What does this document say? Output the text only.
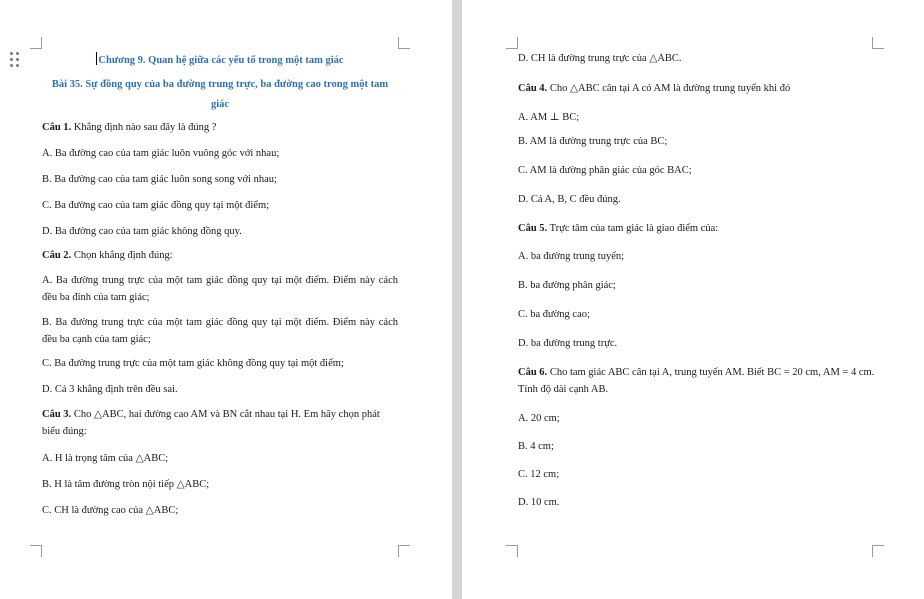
Chương 9. Quan hệ giữa các yếu tố trong một tam giác
Bài 35. Sự đồng quy của ba đường trung trực, ba đường cao trong một tam giác
Câu 1. Khẳng định nào sau đây là đúng ?
A. Ba đường cao của tam giác luôn vuông góc với nhau;
B. Ba đường cao của tam giác luôn song song với nhau;
C. Ba đường cao của tam giác đồng quy tại một điểm;
D. Ba đường cao của tam giác không đồng quy.
Câu 2. Chọn khẳng định đúng:
A. Ba đường trung trực của một tam giác đồng quy tại một điểm. Điểm này cách đều ba đỉnh của tam giác;
B. Ba đường trung trực của một tam giác đồng quy tại một điểm. Điểm này cách đều ba cạnh của tam giác;
C. Ba đường trung trực của một tam giác không đồng quy tại một điểm;
D. Cả 3 khẳng định trên đều sai.
Câu 3. Cho △ABC, hai đường cao AM và BN cắt nhau tại H. Em hãy chọn phát biểu đúng:
A. H là trọng tâm của △ABC;
B. H là tâm đường tròn nội tiếp △ABC;
C. CH là đường cao của △ABC;
D. CH là đường trung trực của △ABC.
Câu 4. Cho △ABC cân tại A có AM là đường trung tuyến khi đó
A. AM ⊥ BC;
B. AM là đường trung trực của BC;
C. AM là đường phân giác của góc BAC;
D. Cả A, B, C đều đúng.
Câu 5. Trực tâm của tam giác là giao điểm của:
A. ba đường trung tuyến;
B. ba đường phân giác;
C. ba đường cao;
D. ba đường trung trực.
Câu 6. Cho tam giác ABC cân tại A, trung tuyến AM. Biết BC = 20 cm, AM = 4 cm. Tính độ dài cạnh AB.
A. 20 cm;
B. 4 cm;
C. 12 cm;
D. 10 cm.
